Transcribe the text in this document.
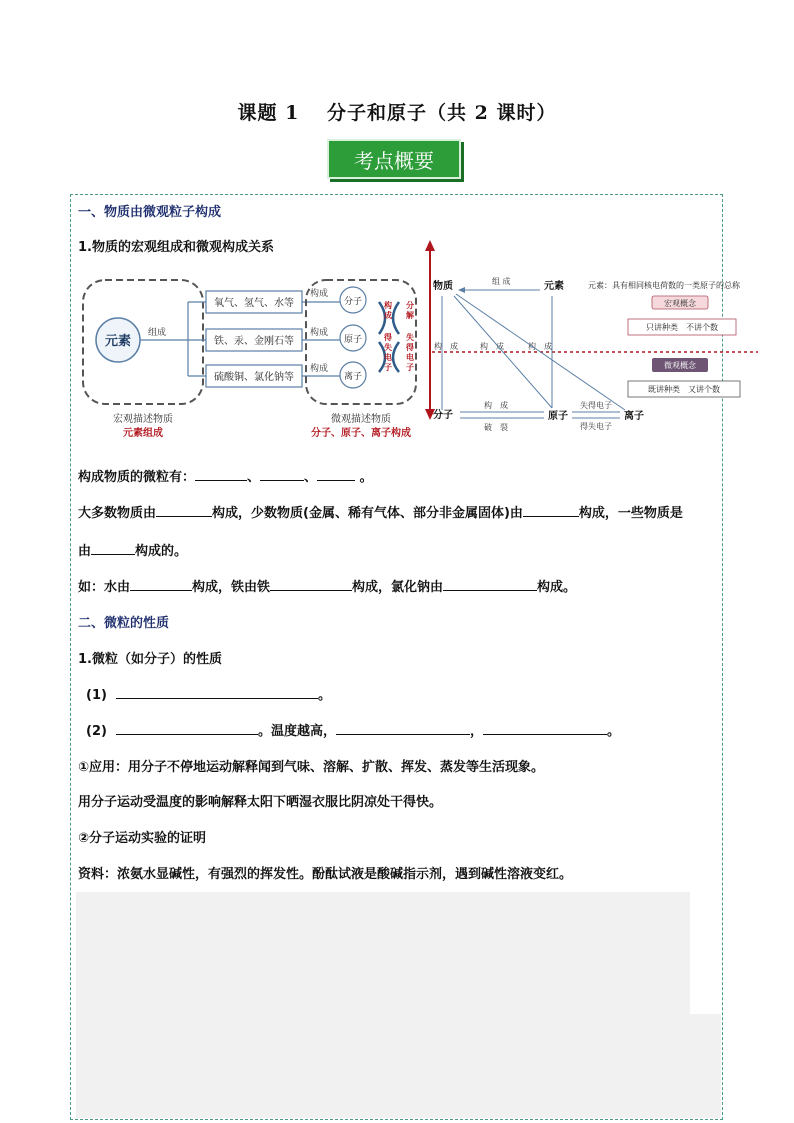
课题 1　 分子和原子（共 2 课时）
考点概要
一、物质由微观粒子构成
1.物质的宏观组成和微观构成关系
元素
组成
氧气、氢气、水等
铁、汞、金刚石等
硫酸铜、氯化钠等
构成
构成
构成
分子
原子
离子
构成
得失电子
分解
失得电子
宏观描述物质
元素组成
微观描述物质
分子、原子、离子构成
物质	元素
组 成	元素：具有相同核电荷数的一类原子的总称
宏观概念
只讲种类　不讲个数
微观概念
既讲种类　又讲个数
构　成	构　成	构　成
分子	原子	离子
构　成
破　裂
失得电子
得失电子
构成物质的微粒有：	、	、	。
大多数物质由	构成，少数物质(金属、稀有气体、部分非金属固体)由	构成，一些物质是
由	构成的。
如：水由	构成，铁由铁	构成，氯化钠由	构成。
二、微粒的性质
1.微粒（如分子）的性质
(1)	。
(2)	。温度越高，	，	。
①应用：用分子不停地运动解释闻到气味、溶解、扩散、挥发、蒸发等生活现象。
用分子运动受温度的影响解释太阳下晒湿衣服比阴凉处干得快。
②分子运动实验的证明
资料：浓氨水显碱性，有强烈的挥发性。酚酞试液是酸碱指示剂，遇到碱性溶液变红。
